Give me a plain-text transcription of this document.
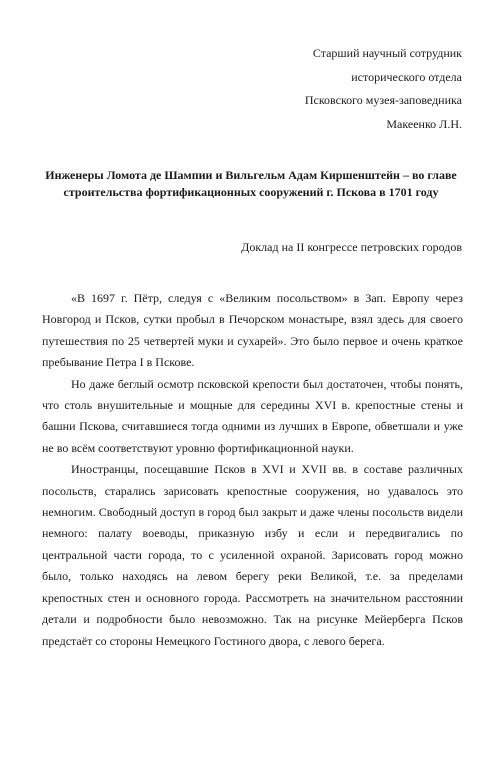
Старший научный сотрудник
исторического отдела
Псковского музея-заповедника
Макеенко Л.Н.
Инженеры Ломота де Шампии и Вильгельм Адам Киршенштейн – во главе строительства фортификационных сооружений г. Пскова в 1701 году
Доклад на II конгрессе петровских городов

«В 1697 г. Пётр, следуя с «Великим посольством» в Зап. Европу через Новгород и Псков, сутки пробыл в Печорском монастыре, взял здесь для своего путешествия по 25 четвертей муки и сухарей». Это было первое и очень краткое пребывание Петра I в Пскове.

Но даже беглый осмотр псковской крепости был достаточен, чтобы понять, что столь внушительные и мощные для середины XVI в. крепостные стены и башни Пскова, считавшиеся тогда одними из лучших в Европе, обветшали и уже не во всём соответствуют уровню фортификационной науки.

Иностранцы, посещавшие Псков в XVI и XVII вв. в составе различных посольств, старались зарисовать крепостные сооружения, но удавалось это немногим. Свободный доступ в город был закрыт и даже члены посольств видели немного: палату воеводы, приказную избу и если и передвигались по центральной части города, то с усиленной охраной. Зарисовать город можно было, только находясь на левом берегу реки Великой, т.е. за пределами крепостных стен и основного города. Рассмотреть на значительном расстоянии детали и подробности было невозможно. Так на рисунке Мейерберга Псков предстаёт со стороны Немецкого Гостиного двора, с левого берега.
